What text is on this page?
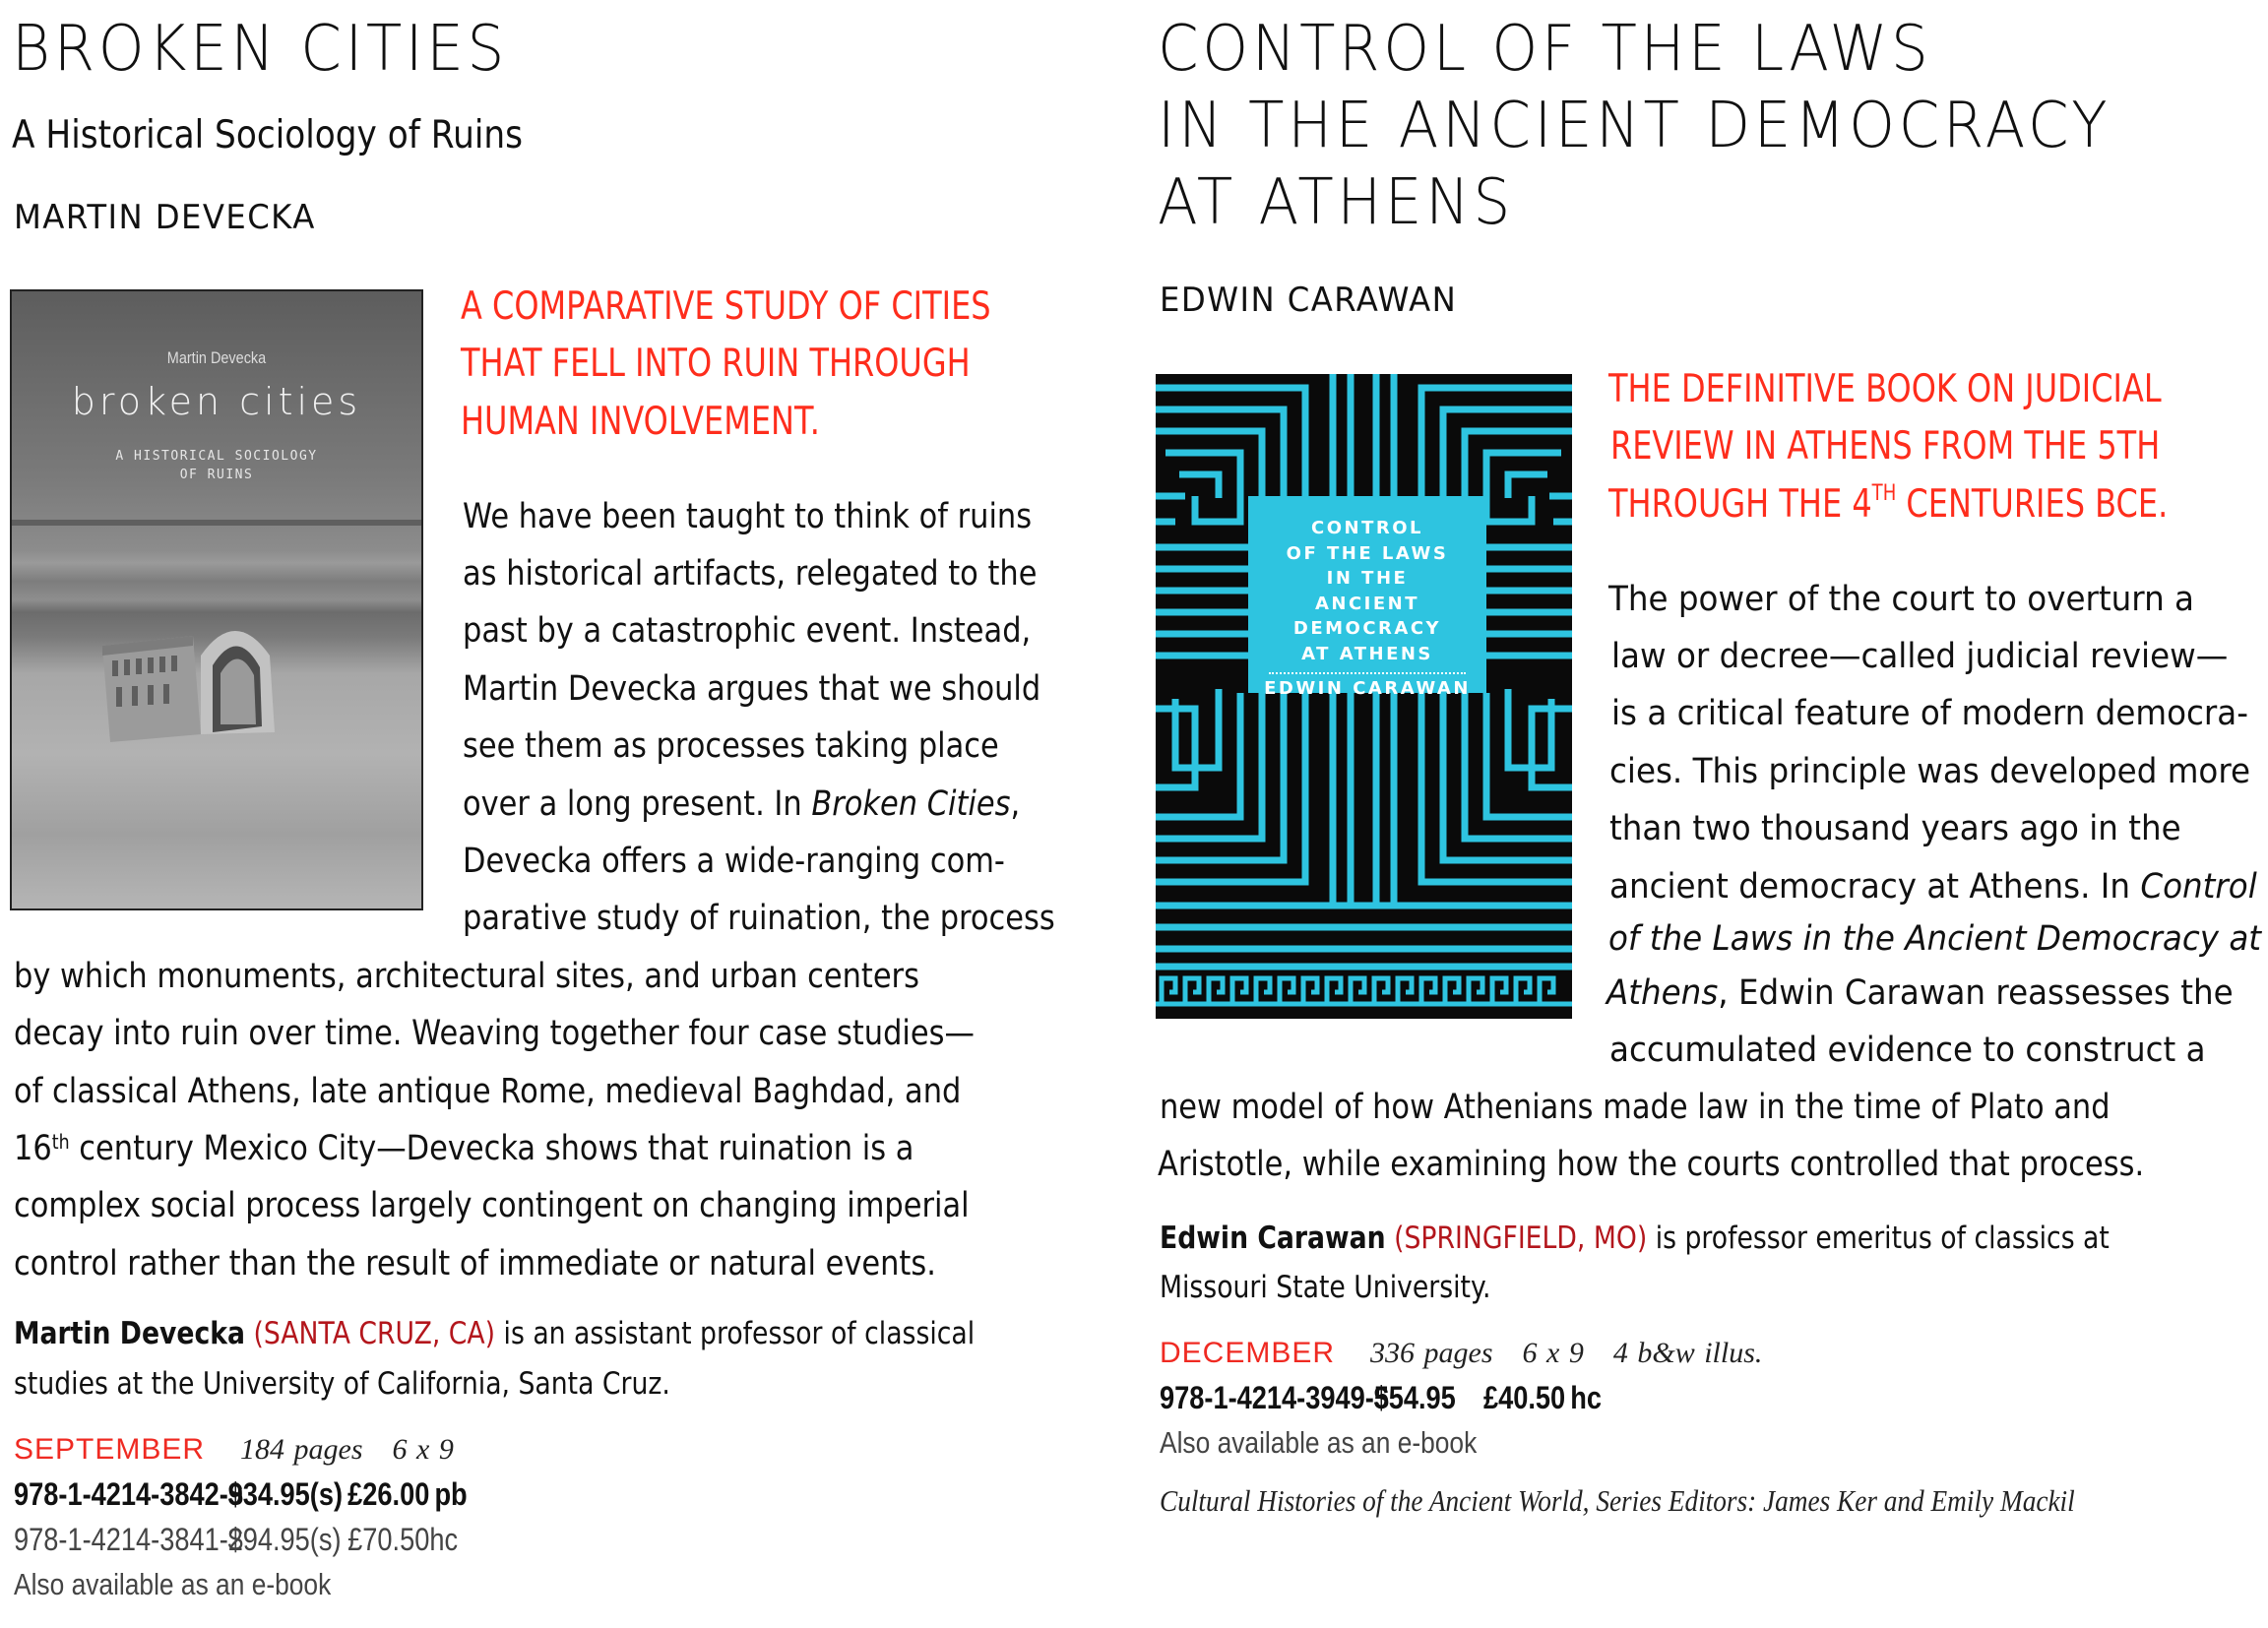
BROKEN CITIES
A Historical Sociology of Ruins
MARTIN DEVECKA
Martin Devecka
broken cities
A HISTORICAL SOCIOLOGY
OF RUINS
A COMPARATIVE STUDY OF CITIES
THAT FELL INTO RUIN THROUGH
HUMAN INVOLVEMENT.
We have been taught to think of ruins
as historical artifacts, relegated to the
past by a catastrophic event. Instead,
Martin Devecka argues that we should
see them as processes taking place
over a long present. In Broken Cities,
Devecka offers a wide-ranging com-
parative study of ruination, the process
by which monuments, architectural sites, and urban centers
decay into ruin over time. Weaving together four case studies—
of classical Athens, late antique Rome, medieval Baghdad, and
16th century Mexico City—Devecka shows that ruination is a
complex social process largely contingent on changing imperial
control rather than the result of immediate or natural events.
Martin Devecka (SANTA CRUZ, CA) is an assistant professor of classical
studies at the University of California, Santa Cruz.
SEPTEMBER 184 pages 6 x 9
978-1-4214-3842-9$34.95(s) £26.00 pb
978-1-4214-3841-2$94.95(s) £70.50hc
Also available as an e-book
CONTROL OF THE LAWS
IN THE ANCIENT DEMOCRACY
AT ATHENS
EDWIN CARAWAN
CONTROL
OF THE LAWS
IN THE
ANCIENT
DEMOCRACY
AT ATHENS
EDWIN CARAWAN
THE DEFINITIVE BOOK ON JUDICIAL
REVIEW IN ATHENS FROM THE 5TH
THROUGH THE 4TH CENTURIES BCE.
The power of the court to overturn a
law or decree—called judicial review—
is a critical feature of modern democra-
cies. This principle was developed more
than two thousand years ago in the
ancient democracy at Athens. In Control
of the Laws in the Ancient Democracy at
Athens, Edwin Carawan reassesses the
accumulated evidence to construct a
new model of how Athenians made law in the time of Plato and
Aristotle, while examining how the courts controlled that process.
Edwin Carawan (SPRINGFIELD, MO) is professor emeritus of classics at
Missouri State University.
DECEMBER 336 pages 6 x 9 4 b&w illus.
978-1-4214-3949-5$54.95 £40.50 hc
Also available as an e-book
Cultural Histories of the Ancient World, Series Editors: James Ker and Emily Mackil
